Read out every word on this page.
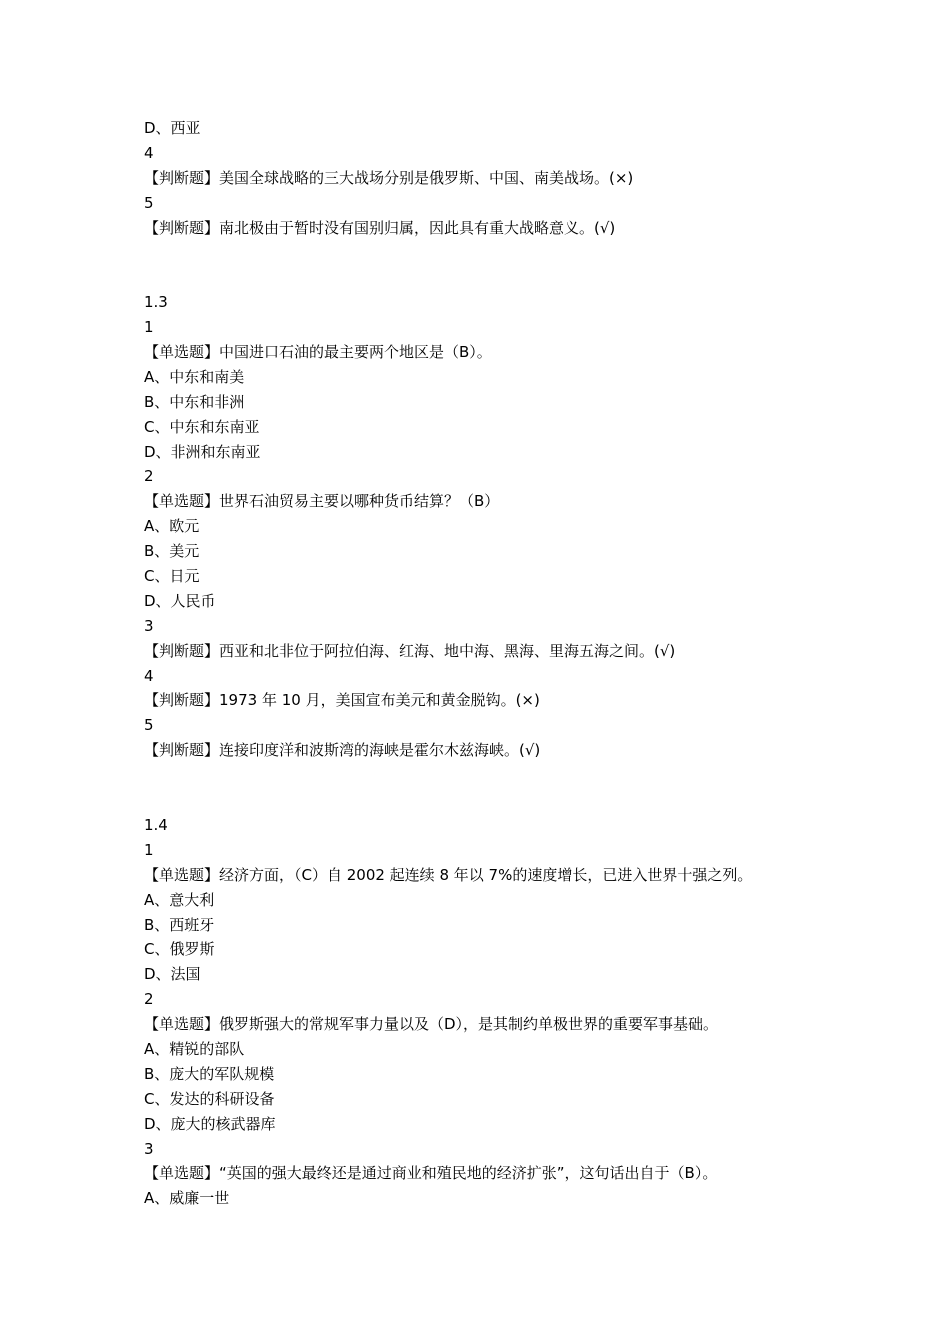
D、西亚
4
【判断题】美国全球战略的三大战场分别是俄罗斯、中国、南美战场。(×)
5
【判断题】南北极由于暂时没有国别归属，因此具有重大战略意义。(√)
1.3
1
【单选题】中国进口石油的最主要两个地区是（B）。
A、中东和南美
B、中东和非洲
C、中东和东南亚
D、非洲和东南亚
2
【单选题】世界石油贸易主要以哪种货币结算？（B）
A、欧元
B、美元
C、日元
D、人民币
3
【判断题】西亚和北非位于阿拉伯海、红海、地中海、黑海、里海五海之间。(√)
4
【判断题】1973 年 10 月，美国宣布美元和黄金脱钩。(×)
5
【判断题】连接印度洋和波斯湾的海峡是霍尔木兹海峡。(√)
1.4
1
【单选题】经济方面，（C）自 2002 起连续 8 年以 7%的速度增长，已进入世界十强之列。
A、意大利
B、西班牙
C、俄罗斯
D、法国
2
【单选题】俄罗斯强大的常规军事力量以及（D），是其制约单极世界的重要军事基础。
A、精锐的部队
B、庞大的军队规模
C、发达的科研设备
D、庞大的核武器库
3
【单选题】“英国的强大最终还是通过商业和殖民地的经济扩张”，这句话出自于（B）。
A、威廉一世
